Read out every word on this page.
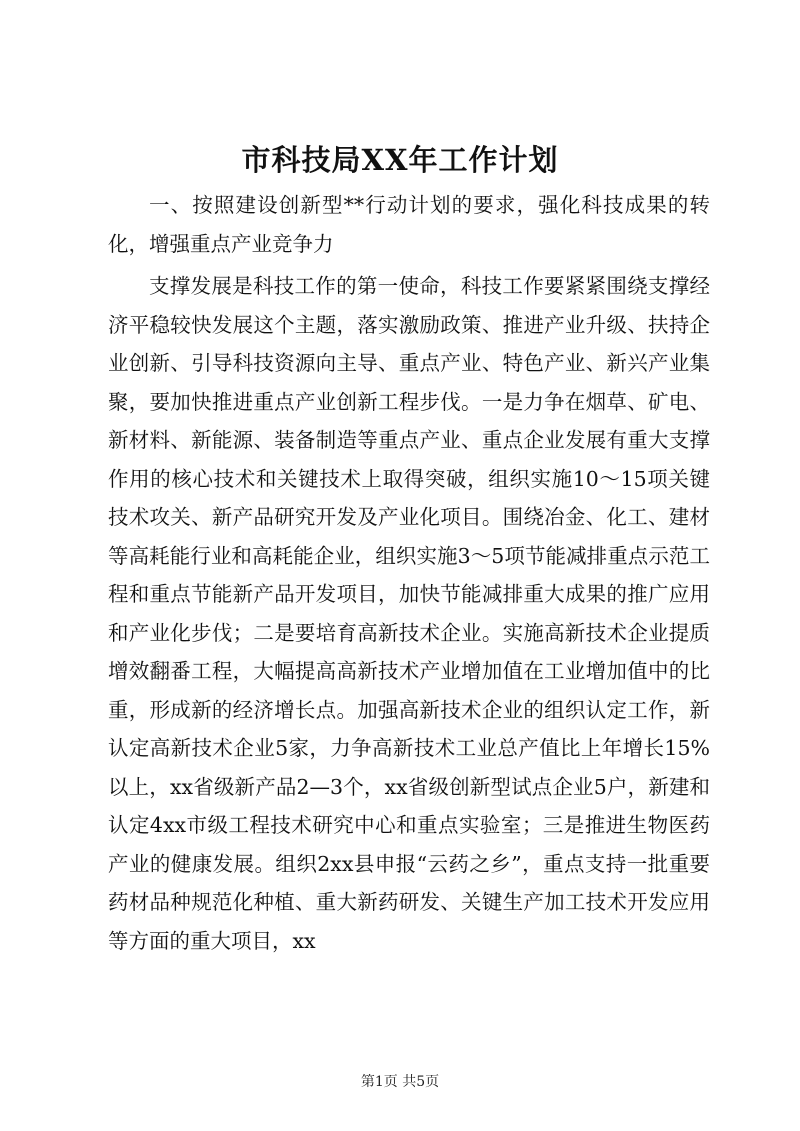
市科技局XX年工作计划

一、按照建设创新型**行动计划的要求，强化科技成果的转化，增强重点产业竞争力

支撑发展是科技工作的第一使命，科技工作要紧紧围绕支撑经济平稳较快发展这个主题，落实激励政策、推进产业升级、扶持企业创新、引导科技资源向主导、重点产业、特色产业、新兴产业集聚，要加快推进重点产业创新工程步伐。一是力争在烟草、矿电、新材料、新能源、装备制造等重点产业、重点企业发展有重大支撑作用的核心技术和关键技术上取得突破，组织实施10～15项关键技术攻关、新产品研究开发及产业化项目。围绕冶金、化工、建材等高耗能行业和高耗能企业，组织实施3～5项节能减排重点示范工程和重点节能新产品开发项目，加快节能减排重大成果的推广应用和产业化步伐；二是要培育高新技术企业。实施高新技术企业提质增效翻番工程，大幅提高高新技术产业增加值在工业增加值中的比重，形成新的经济增长点。加强高新技术企业的组织认定工作，新认定高新技术企业5家，力争高新技术工业总产值比上年增长15%以上，xx省级新产品2—3个，xx省级创新型试点企业5户，新建和认定4xx市级工程技术研究中心和重点实验室；三是推进生物医药产业的健康发展。组织2xx县申报“云药之乡”，重点支持一批重要药材品种规范化种植、重大新药研发、关键生产加工技术开发应用等方面的重大项目，xx

第1页 共5页
